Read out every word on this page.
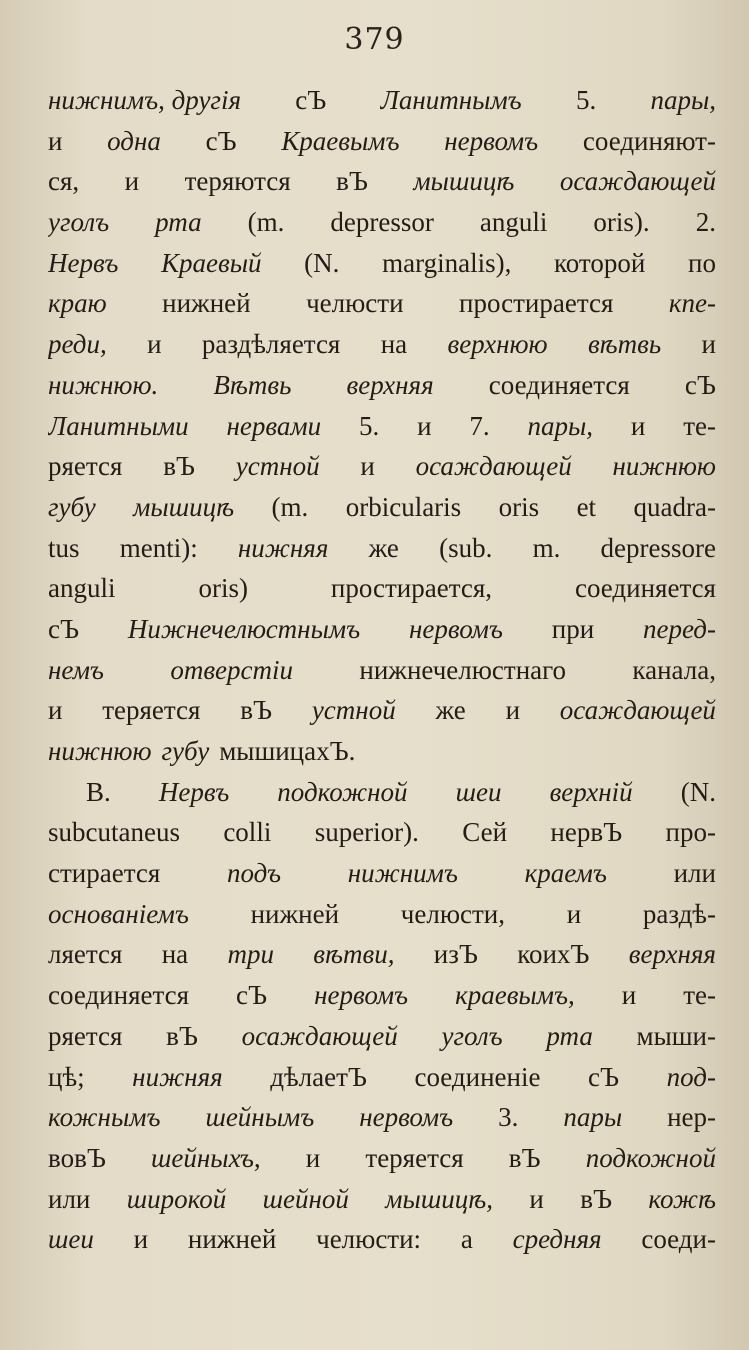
379
нижнимъ, другія сЪ Ланитнымъ 5. пары,
и одна сЪ Краевымъ нервомъ соединяют-
ся, и теряются вЪ мышицѣ осаждающей
уголъ рта (m. depressor anguli oris). 2.
Нервъ Краевый (N. marginalis), которой по
краю нижней челюсти простирается кпе-
реди, и раздѣляется на верхнюю вѣтвь и
нижнюю. Вѣтвь верхняя соединяется сЪ
Ланитными нервами 5. и 7. пары, и те-
ряется вЪ устной и осаждающей нижнюю
губу мышицѣ (m. orbicularis oris et quadra-
tus menti): нижняя же (sub. m. depressore
anguli	oris)	простирается,	соединяется
сЪ Нижнечелюстнымъ нервомъ при перед-
немъ отверстіи нижнечелюстнаго канала,
и теряется вЪ устной же и осаждающей
нижнюю губу мышицахЪ.
В. Нервъ подкожной шеи верхній (N.
subcutaneus colli superior). Сей нервЪ про-
стирается подъ нижнимъ краемъ или
основаніемъ нижней челюсти, и раздѣ-
ляется на три вѣтви, изЪ коихЪ верхняя
соединяется сЪ нервомъ краевымъ, и те-
ряется вЪ осаждающей уголъ рта мыши-
цѣ; нижняя дѣлаетЪ соединеніе сЪ под-
кожнымъ шейнымъ нервомъ 3. пары нер-
вовЪ шейныхъ, и теряется вЪ подкожной
или широкой шейной мышицѣ, и вЪ кожѣ
шеи и нижней челюсти: а средняя соеди-
